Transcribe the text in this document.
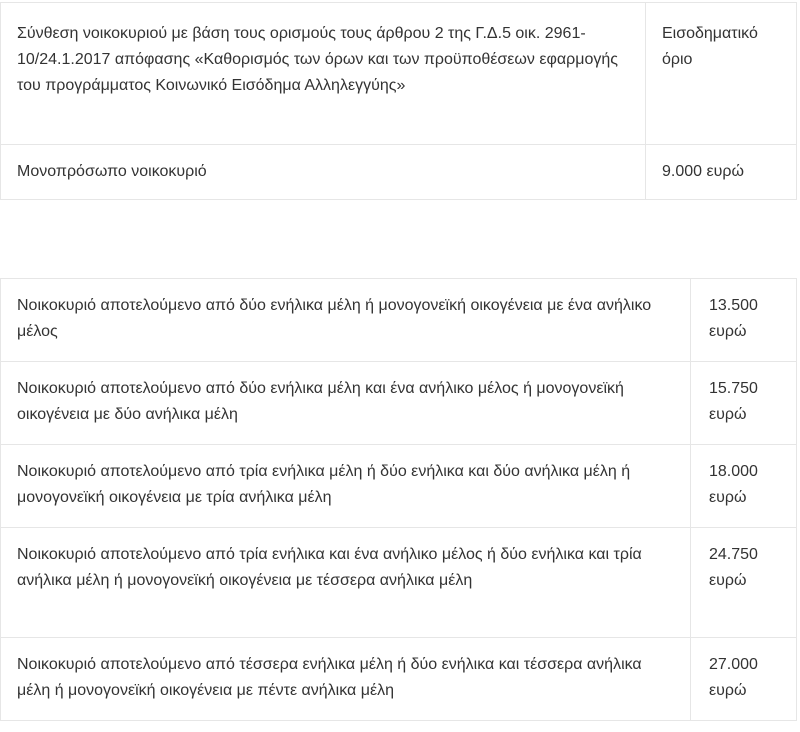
Σύνθεση νοικοκυριού με βάση τους ορισμούς τους άρθρου 2 της Γ.Δ.5 οικ. 2961-10/24.1.2017 απόφασης «Καθορισμός των όρων και των προϋποθέσεων εφαρμογής του προγράμματος Κοινωνικό Εισόδημα Αλληλεγγύης»	Εισοδηματικό όριο
Μονοπρόσωπο νοικοκυριό	9.000 ευρώ
Νοικοκυριό αποτελούμενο από δύο ενήλικα μέλη ή μονογονεϊκή οικογένεια με ένα ανήλικο μέλος	13.500 ευρώ
Νοικοκυριό αποτελούμενο από δύο ενήλικα μέλη και ένα ανήλικο μέλος ή μονογονεϊκή οικογένεια με δύο ανήλικα μέλη	15.750 ευρώ
Νοικοκυριό αποτελούμενο από τρία ενήλικα μέλη ή δύο ενήλικα και δύο ανήλικα μέλη ή μονογονεϊκή οικογένεια με τρία ανήλικα μέλη	18.000 ευρώ
Νοικοκυριό αποτελούμενο από τρία ενήλικα και ένα ανήλικο μέλος ή δύο ενήλικα και τρία ανήλικα μέλη ή μονογονεϊκή οικογένεια με τέσσερα ανήλικα μέλη	24.750 ευρώ
Νοικοκυριό αποτελούμενο από τέσσερα ενήλικα μέλη ή δύο ενήλικα και τέσσερα ανήλικα μέλη ή μονογονεϊκή οικογένεια με πέντε ανήλικα μέλη	27.000 ευρώ
